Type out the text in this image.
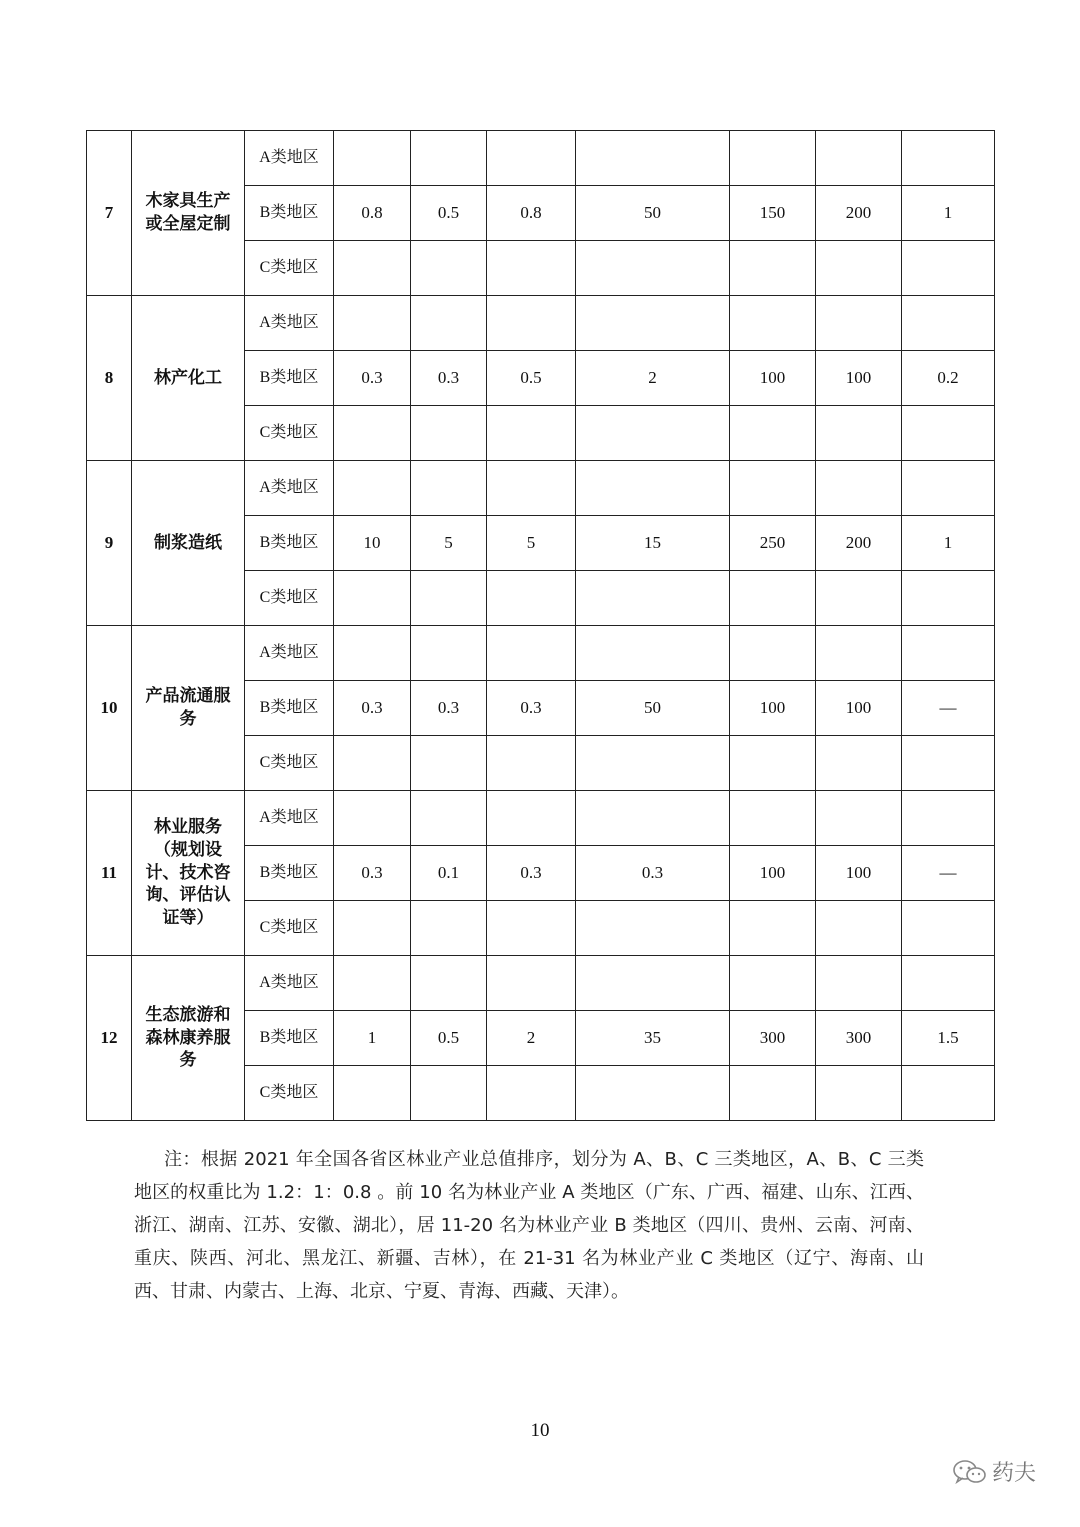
7	木家具生产或全屋定制	A类地区							
		B类地区	0.8	0.5	0.8	50	150	200	1
		C类地区							
8	林产化工	A类地区							
		B类地区	0.3	0.3	0.5	2	100	100	0.2
		C类地区							
9	制浆造纸	A类地区							
		B类地区	10	5	5	15	250	200	1
		C类地区							
10	产品流通服务	A类地区							
		B类地区	0.3	0.3	0.3	50	100	100	—
		C类地区							
11	林业服务（规划设计、技术咨询、评估认证等）	A类地区							
		B类地区	0.3	0.1	0.3	0.3	100	100	—
		C类地区							
12	生态旅游和森林康养服务	A类地区							
		B类地区	1	0.5	2	35	300	300	1.5
		C类地区							

注：根据 2021 年全国各省区林业产业总值排序，划分为 A、B、C 三类地区，A、B、C 三类地区的权重比为 1.2：1：0.8 。前 10 名为林业产业 A 类地区（广东、广西、福建、山东、江西、浙江、湖南、江苏、安徽、湖北），居 11-20 名为林业产业 B 类地区（四川、贵州、云南、河南、重庆、陕西、河北、黑龙江、新疆、吉林），在 21-31 名为林业产业 C 类地区（辽宁、海南、山西、甘肃、内蒙古、上海、北京、宁夏、青海、西藏、天津）。

10
药夫
